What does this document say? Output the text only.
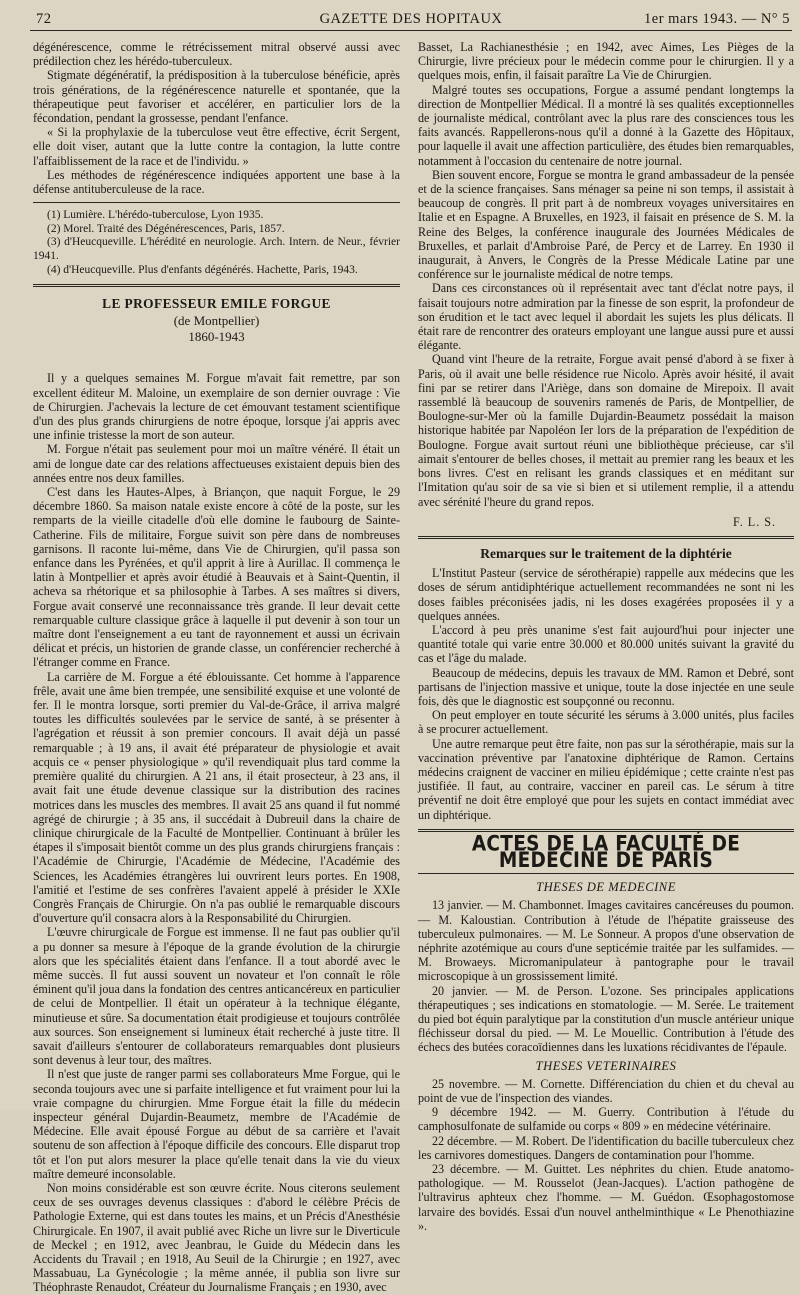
72	GAZETTE DES HOPITAUX	1er mars 1943. — N° 5

dégénérescence, comme le rétrécissement mitral observé aussi avec prédilection chez les hérédo-tuberculeux.

Stigmate dégénératif, la prédisposition à la tuberculose bénéficie, après trois générations, de la régénérescence naturelle et spontanée, que la thérapeutique peut favoriser et accélérer, en particulier lors de la fécondation, pendant la grossesse, pendant l'enfance.

« Si la prophylaxie de la tuberculose veut être effective, écrit Sergent, elle doit viser, autant que la lutte contre la contagion, la lutte contre l'affaiblissement de la race et de l'individu. »

Les méthodes de régénérescence indiquées apportent une base à la défense antituberculeuse de la race.

(1) Lumière. L'hérédo-tuberculose, Lyon 1935.

(2) Morel. Traité des Dégénérescences, Paris, 1857.

(3) d'Heucqueville. L'hérédité en neurologie. Arch. Intern. de Neur., février 1941.

(4) d'Heucqueville. Plus d'enfants dégénérés. Hachette, Paris, 1943.

LE PROFESSEUR EMILE FORGUE
(de Montpellier)
1860-1943

Il y a quelques semaines M. Forgue m'avait fait remettre, par son excellent éditeur M. Maloine, un exemplaire de son dernier ouvrage : Vie de Chirurgien. J'achevais la lecture de cet émouvant testament scientifique d'un des plus grands chirurgiens de notre époque, lorsque j'ai appris avec une infinie tristesse la mort de son auteur.

M. Forgue n'était pas seulement pour moi un maître vénéré. Il était un ami de longue date car des relations affectueuses existaient depuis bien des années entre nos deux familles.

C'est dans les Hautes-Alpes, à Briançon, que naquit Forgue, le 29 décembre 1860. Sa maison natale existe encore à côté de la poste, sur les remparts de la vieille citadelle d'où elle domine le faubourg de Sainte-Catherine. Fils de militaire, Forgue suivit son père dans de nombreuses garnisons. Il raconte lui-même, dans Vie de Chirurgien, qu'il passa son enfance dans les Pyrénées, et qu'il apprit à lire à Aurillac. Il commença le latin à Montpellier et après avoir étudié à Beauvais et à Saint-Quentin, il acheva sa rhétorique et sa philosophie à Tarbes. A ses maîtres si divers, Forgue avait conservé une reconnaissance très grande. Il leur devait cette remarquable culture classique grâce à laquelle il put devenir à son tour un maître dont l'enseignement a eu tant de rayonnement et aussi un écrivain délicat et précis, un historien de grande classe, un conférencier recherché à l'étranger comme en France.

La carrière de M. Forgue a été éblouissante. Cet homme à l'apparence frêle, avait une âme bien trempée, une sensibilité exquise et une volonté de fer. Il le montra lorsque, sorti premier du Val-de-Grâce, il arriva malgré toutes les difficultés soulevées par le service de santé, à se présenter à l'agrégation et réussit à son premier concours. Il avait déjà un passé remarquable ; à 19 ans, il avait été préparateur de physiologie et avait acquis ce « penser physiologique » qu'il revendiquait plus tard comme la première qualité du chirurgien. A 21 ans, il était prosecteur, à 23 ans, il avait fait une étude devenue classique sur la distribution des racines motrices dans les muscles des membres. Il avait 25 ans quand il fut nommé agrégé de chirurgie ; à 35 ans, il succédait à Dubreuil dans la chaire de clinique chirurgicale de la Faculté de Montpellier. Continuant à brûler les étapes il s'imposait bientôt comme un des plus grands chirurgiens français : l'Académie de Chirurgie, l'Académie de Médecine, l'Académie des Sciences, les Académies étrangères lui ouvrirent leurs portes. En 1908, l'amitié et l'estime de ses confrères l'avaient appelé à présider le XXIe Congrès Français de Chirurgie. On n'a pas oublié le remarquable discours d'ouverture qu'il consacra alors à la Responsabilité du Chirurgien.

L'œuvre chirurgicale de Forgue est immense. Il ne faut pas oublier qu'il a pu donner sa mesure à l'époque de la grande évolution de la chirurgie alors que les spécialités étaient dans l'enfance. Il a tout abordé avec le même succès. Il fut aussi souvent un novateur et l'on connaît le rôle éminent qu'il joua dans la fondation des centres anticancéreux en particulier de celui de Montpellier. Il était un opérateur à la technique élégante, minutieuse et sûre. Sa documentation était prodigieuse et toujours contrôlée aux sources. Son enseignement si lumineux était recherché à juste titre. Il savait d'ailleurs s'entourer de collaborateurs remarquables dont plusieurs sont devenus à leur tour, des maîtres.

Il n'est que juste de ranger parmi ses collaborateurs Mme Forgue, qui le seconda toujours avec une si parfaite intelligence et fut vraiment pour lui la vraie compagne du chirurgien. Mme Forgue était la fille du médecin inspecteur général Dujardin-Beaumetz, membre de l'Académie de Médecine. Elle avait épousé Forgue au début de sa carrière et l'avait soutenu de son affection à l'époque difficile des concours. Elle disparut trop tôt et l'on put alors mesurer la place qu'elle tenait dans la vie du vieux maître demeuré inconsolable.

Non moins considérable est son œuvre écrite. Nous citerons seulement ceux de ses ouvrages devenus classiques : d'abord le célèbre Précis de Pathologie Externe, qui est dans toutes les mains, et un Précis d'Anesthésie Chirurgicale. En 1907, il avait publié avec Riche un livre sur le Diverticule de Meckel ; en 1912, avec Jeanbrau, le Guide du Médecin dans les Accidents du Travail ; en 1918, Au Seuil de la Chirurgie ; en 1927, avec Massabuau, La Gynécologie ; la même année, il publia son livre sur Théophraste Renaudot, Créateur du Journalisme Français ; en 1930, avec

Basset, La Rachianesthésie ; en 1942, avec Aimes, Les Pièges de la Chirurgie, livre précieux pour le médecin comme pour le chirurgien. Il y a quelques mois, enfin, il faisait paraître La Vie de Chirurgien.

Malgré toutes ses occupations, Forgue a assumé pendant longtemps la direction de Montpellier Médical. Il a montré là ses qualités exceptionnelles de journaliste médical, contrôlant avec la plus rare des consciences tous les faits avancés. Rappellerons-nous qu'il a donné à la Gazette des Hôpitaux, pour laquelle il avait une affection particulière, des études bien remarquables, notamment à l'occasion du centenaire de notre journal.

Bien souvent encore, Forgue se montra le grand ambassadeur de la pensée et de la science françaises. Sans ménager sa peine ni son temps, il assistait à beaucoup de congrès. Il prit part à de nombreux voyages universitaires en Italie et en Espagne. A Bruxelles, en 1923, il faisait en présence de S. M. la Reine des Belges, la conférence inaugurale des Journées Médicales de Bruxelles, et parlait d'Ambroise Paré, de Percy et de Larrey. En 1930 il inaugurait, à Anvers, le Congrès de la Presse Médicale Latine par une conférence sur le journaliste médical de notre temps.

Dans ces circonstances où il représentait avec tant d'éclat notre pays, il faisait toujours notre admiration par la finesse de son esprit, la profondeur de son érudition et le tact avec lequel il abordait les sujets les plus délicats. Il était rare de rencontrer des orateurs employant une langue aussi pure et aussi élégante.

Quand vint l'heure de la retraite, Forgue avait pensé d'abord à se fixer à Paris, où il avait une belle résidence rue Nicolo. Après avoir hésité, il avait fini par se retirer dans l'Ariège, dans son domaine de Mirepoix. Il avait rassemblé là beaucoup de souvenirs ramenés de Paris, de Montpellier, de Boulogne-sur-Mer où la famille Dujardin-Beaumetz possédait la maison historique habitée par Napoléon Ier lors de la préparation de l'expédition de Boulogne. Forgue avait surtout réuni une bibliothèque précieuse, car s'il aimait s'entourer de belles choses, il mettait au premier rang les beaux et les bons livres. C'est en relisant les grands classiques et en méditant sur l'Imitation qu'au soir de sa vie si bien et si utilement remplie, il a attendu avec sérénité l'heure du grand repos.

F. L. S.
Remarques sur le traitement de la diphtérie

L'Institut Pasteur (service de sérothérapie) rappelle aux médecins que les doses de sérum antidiphtérique actuellement recommandées ne sont ni les doses faibles préconisées jadis, ni les doses exagérées proposées il y a quelques années.

L'accord à peu près unanime s'est fait aujourd'hui pour injecter une quantité totale qui varie entre 30.000 et 80.000 unités suivant la gravité du cas et l'âge du malade.

Beaucoup de médecins, depuis les travaux de MM. Ramon et Debré, sont partisans de l'injection massive et unique, toute la dose injectée en une seule fois, dès que le diagnostic est soupçonné ou reconnu.

On peut employer en toute sécurité les sérums à 3.000 unités, plus faciles à se procurer actuellement.

Une autre remarque peut être faite, non pas sur la sérothérapie, mais sur la vaccination préventive par l'anatoxine diphtérique de Ramon. Certains médecins craignent de vacciner en milieu épidémique ; cette crainte n'est pas justifiée. Il faut, au contraire, vacciner en pareil cas. Le sérum à titre préventif ne doit être employé que pour les sujets en contact immédiat avec un diphtérique.

ACTES DE LA FACULTÉ DE MÉDECINE DE PARIS
THESES DE MEDECINE

13 janvier. — M. Chambonnet. Images cavitaires cancéreuses du poumon. — M. Kaloustian. Contribution à l'étude de l'hépatite graisseuse des tuberculeux pulmonaires. — M. Le Sonneur. A propos d'une observation de néphrite azotémique au cours d'une septicémie traitée par les sulfamides. — M. Browaeys. Micromanipulateur à pantographe pour le travail microscopique à un grossissement limité.

20 janvier. — M. de Person. L'ozone. Ses principales applications thérapeutiques ; ses indications en stomatologie. — M. Serée. Le traitement du pied bot équin paralytique par la constitution d'un muscle antérieur unique fléchisseur dorsal du pied. — M. Le Mouellic. Contribution à l'étude des échecs des butées coracoïdiennes dans les luxations récidivantes de l'épaule.

THESES VETERINAIRES

25 novembre. — M. Cornette. Différenciation du chien et du cheval au point de vue de l'inspection des viandes.

9 décembre 1942. — M. Guerry. Contribution à l'étude du camphosulfonate de sulfamide ou corps « 809 » en médecine vétérinaire.

22 décembre. — M. Robert. De l'identification du bacille tuberculeux chez les carnivores domestiques. Dangers de contamination pour l'homme.

23 décembre. — M. Guittet. Les néphrites du chien. Etude anatomo-pathologique. — M. Rousselot (Jean-Jacques). L'action pathogène de l'ultravirus aphteux chez l'homme. — M. Guédon. Œsophagostomose larvaire des bovidés. Essai d'un nouvel anthelminthique « Le Phenothiazine ».
